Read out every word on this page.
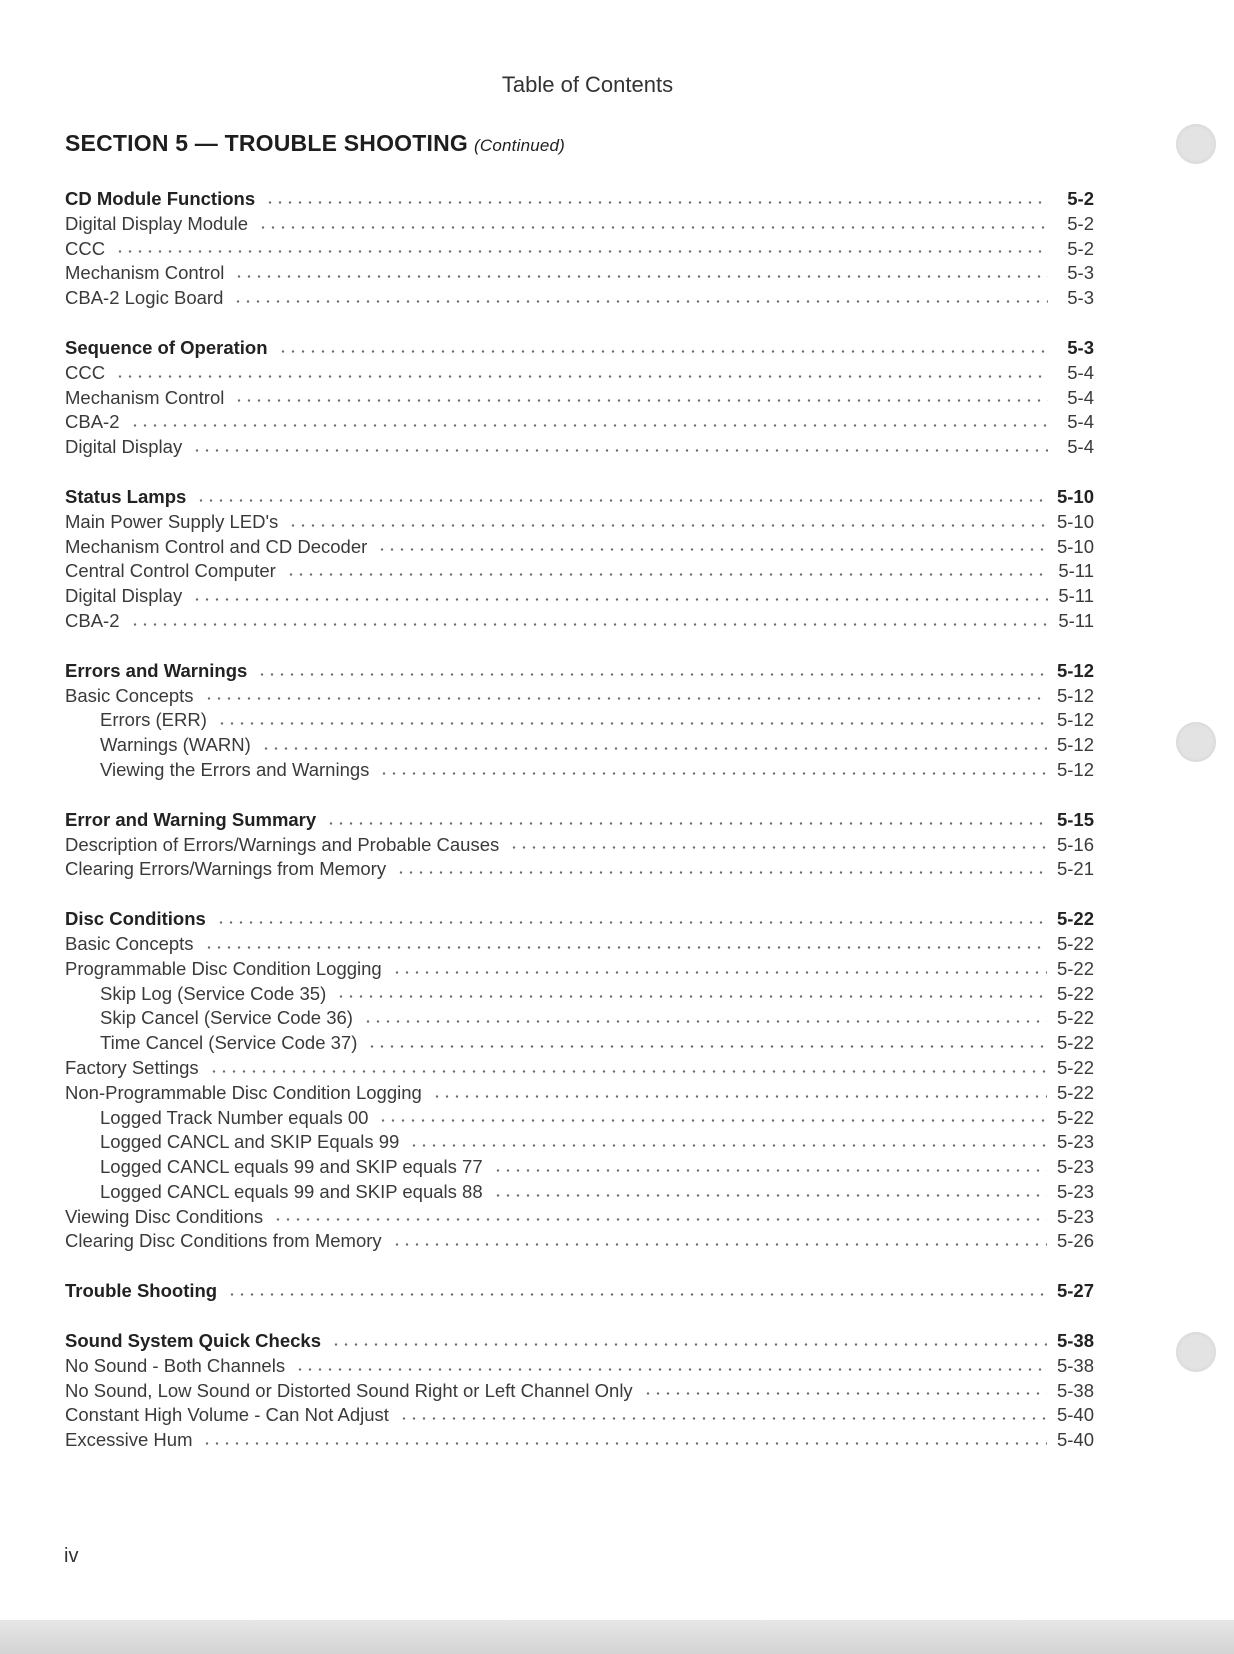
Table of Contents
SECTION 5 — TROUBLE SHOOTING (Continued)
CD Module Functions	5-2
Digital Display Module	5-2
CCC	5-2
Mechanism Control	5-3
CBA-2 Logic Board	5-3
Sequence of Operation	5-3
CCC	5-4
Mechanism Control	5-4
CBA-2	5-4
Digital Display	5-4
Status Lamps	5-10
Main Power Supply LED's	5-10
Mechanism Control and CD Decoder	5-10
Central Control Computer	5-11
Digital Display	5-11
CBA-2	5-11
Errors and Warnings	5-12
Basic Concepts	5-12
Errors (ERR)	5-12
Warnings (WARN)	5-12
Viewing the Errors and Warnings	5-12
Error and Warning Summary	5-15
Description of Errors/Warnings and Probable Causes	5-16
Clearing Errors/Warnings from Memory	5-21
Disc Conditions	5-22
Basic Concepts	5-22
Programmable Disc Condition Logging	5-22
Skip Log (Service Code 35)	5-22
Skip Cancel (Service Code 36)	5-22
Time Cancel (Service Code 37)	5-22
Factory Settings	5-22
Non-Programmable Disc Condition Logging	5-22
Logged Track Number equals 00	5-22
Logged CANCL and SKIP Equals 99	5-23
Logged CANCL equals 99 and SKIP equals 77	5-23
Logged CANCL equals 99 and SKIP equals 88	5-23
Viewing Disc Conditions	5-23
Clearing Disc Conditions from Memory	5-26
Trouble Shooting	5-27
Sound System Quick Checks	5-38
No Sound - Both Channels	5-38
No Sound, Low Sound or Distorted Sound Right or Left Channel Only	5-38
Constant High Volume - Can Not Adjust	5-40
Excessive Hum	5-40
iv
